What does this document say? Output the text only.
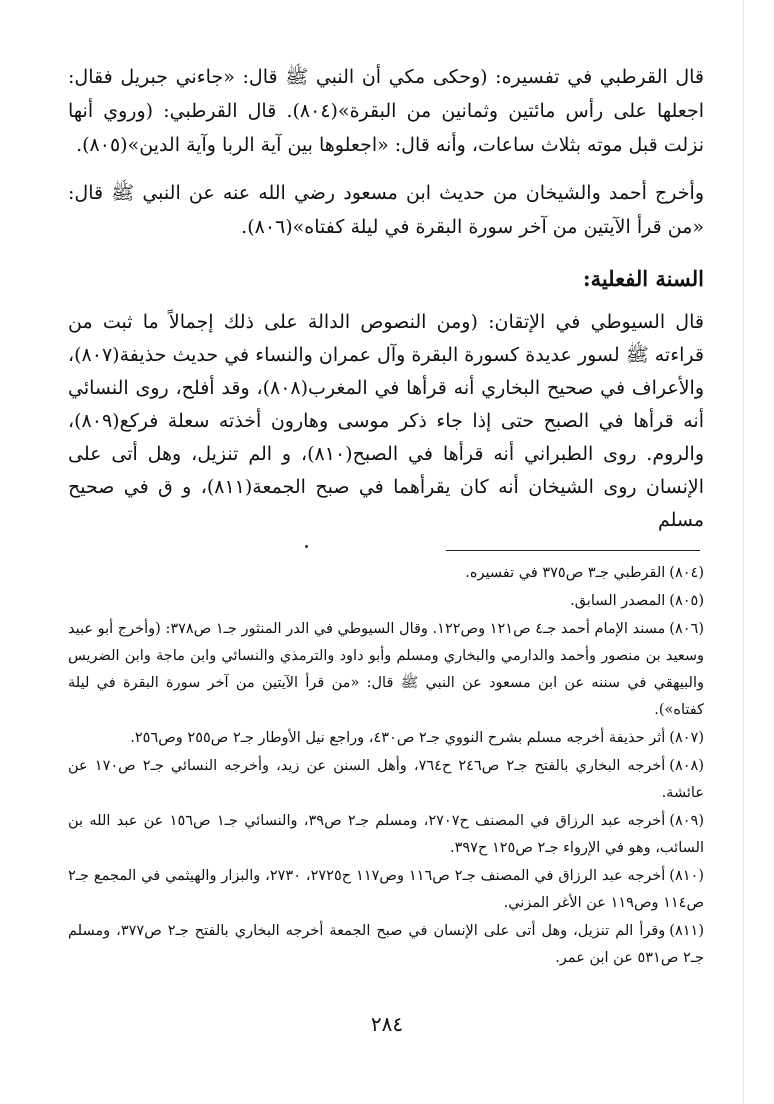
قال القرطبي في تفسيره: (وحكى مكي أن النبي ﷺ قال: «جاءني جبريل فقال: اجعلها على رأس مائتين وثمانين من البقرة»(٨٠٤). قال القرطبي: (وروي أنها نزلت قبل موته بثلاث ساعات، وأنه قال: «اجعلوها بين آية الربا وآية الدين»(٨٠٥).

وأخرج أحمد والشيخان من حديث ابن مسعود رضي الله عنه عن النبي ﷺ قال: «من قرأ الآيتين من آخر سورة البقرة في ليلة كفتاه»(٨٠٦).

السنة الفعلية:

قال السيوطي في الإتقان: (ومن النصوص الدالة على ذلك إجمالاً ما ثبت من قراءته ﷺ لسور عديدة كسورة البقرة وآل عمران والنساء في حديث حذيفة(٨٠٧)، والأعراف في صحيح البخاري أنه قرأها في المغرب(٨٠٨)، وقد أفلح، روى النسائي أنه قرأها في الصبح حتى إذا جاء ذكر موسى وهارون أخذته سعلة فركع(٨٠٩)، والروم. روى الطبراني أنه قرأها في الصبح(٨١٠)، و الم تنزيل، وهل أتى على الإنسان روى الشيخان أنه كان يقرأهما في صبح الجمعة(٨١١)، و ق في صحيح مسلم

(٨٠٤)القرطبي جـ٣ ص٣٧٥ في تفسيره.

(٨٠٥)المصدر السابق.

(٨٠٦)مسند الإمام أحمد جـ٤ ص١٢١ وص١٢٢. وقال السيوطي في الدر المنثور جـ١ ص٣٧٨: (وأخرج أبو عبيد وسعيد بن منصور وأحمد والدارمي والبخاري ومسلم وأبو داود والترمذي والنسائي وابن ماجة وابن الضريس والبيهقي في سننه عن ابن مسعود عن النبي ﷺ قال: «من قرأ الآيتين من آخر سورة البقرة في ليلة كفتاه»).

(٨٠٧)أثر حذيفة أخرجه مسلم بشرح النووي جـ٢ ص٤٣٠، وراجع نيل الأوطار جـ٢ ص٢٥٥ وص٢٥٦.

(٨٠٨)أخرجه البخاري بالفتح جـ٢ ص٢٤٦ ح٧٦٤، وأهل السنن عن زيد، وأخرجه النسائي جـ٢ ص١٧٠ عن عائشة.

(٨٠٩)أخرجه عبد الرزاق في المصنف ح٢٧٠٧، ومسلم جـ٢ ص٣٩، والنسائي جـ١ ص١٥٦ عن عبد الله بن السائب، وهو في الإرواء جـ٢ ص١٢٥ ح٣٩٧.

(٨١٠)أخرجه عبد الرزاق في المصنف جـ٢ ص١١٦ وص١١٧ ح٢٧٢٥، ٢٧٣٠، والبزار والهيثمي في المجمع جـ٢ ص١١٤ وص١١٩ عن الأغر المزني.

(٨١١)وقرأ الم تنزيل، وهل أتى على الإنسان في صبح الجمعة أخرجه البخاري بالفتح جـ٢ ص٣٧٧، ومسلم جـ٢ ص٥٣١ عن ابن عمر.

٢٨٤
